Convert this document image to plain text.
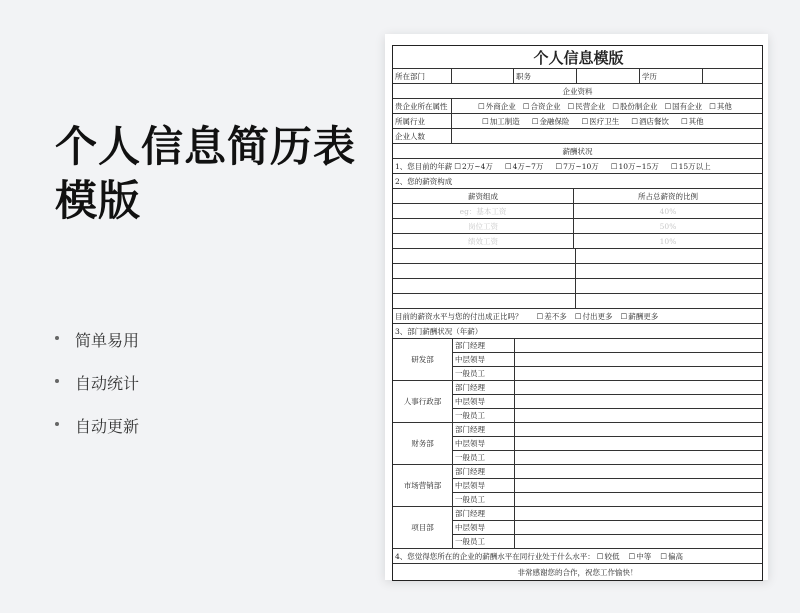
个人信息简历表
模版
简单易用
自动统计
自动更新
个人信息模版
所在部门	职务	学历
企业资料
贵企业所在属性	☐ 外商企业	☐ 合资企业	☐ 民营企业	☐ 股份制企业	☐ 国有企业	☐ 其他
所属行业	☐ 加工制造	☐ 金融保险	☐ 医疗卫生	☐ 酒店餐饮	☐ 其他
企业人数
薪酬状况
1、您目前的年薪	☐ 2万~4万	☐ 4万~7万	☐ 7万~10万	☐ 10万~15万	☐ 15万以上
2、您的薪资构成
薪资组成	所占总薪资的比例
eg：基本工资	40%
岗位工资	50%
绩效工资	10%
目前的薪资水平与您的付出成正比吗？	☐ 差不多	☐ 付出更多	☐ 薪酬更多
3、部门薪酬状况（年薪）
研发部
部门经理
中层领导
一般员工
人事行政部
部门经理
中层领导
一般员工
财务部
部门经理
中层领导
一般员工
市场营销部
部门经理
中层领导
一般员工
项目部
部门经理
中层领导
一般员工
4、您觉得您所在的企业的薪酬水平在同行业处于什么水平：	☐ 较低	☐ 中等	☐ 偏高
非常感谢您的合作，祝您工作愉快！
